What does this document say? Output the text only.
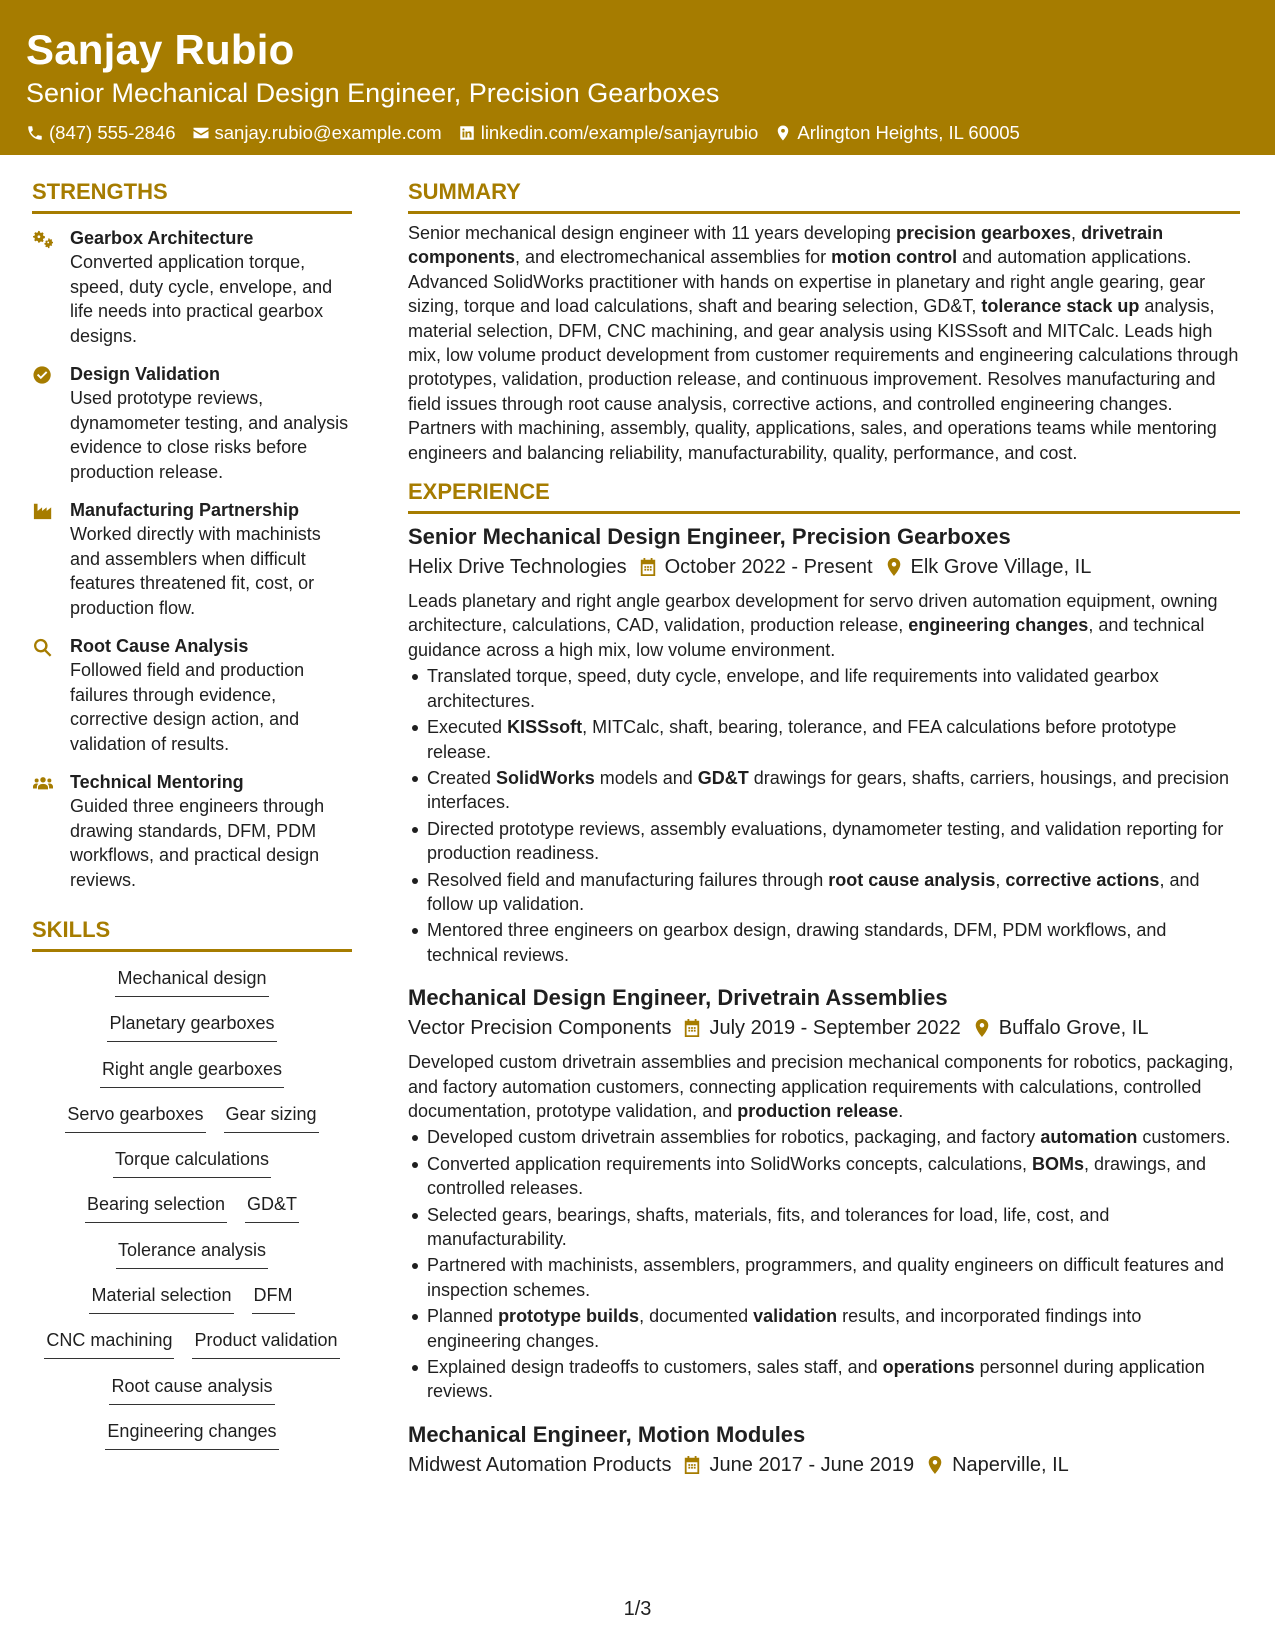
Sanjay Rubio
Senior Mechanical Design Engineer, Precision Gearboxes
(847) 555-2846 sanjay.rubio@example.com linkedin.com/example/sanjayrubio Arlington Heights, IL 60005
STRENGTHS
Gearbox Architecture
Converted application torque, speed, duty cycle, envelope, and life needs into practical gearbox designs.
Design Validation
Used prototype reviews, dynamometer testing, and analysis evidence to close risks before production release.
Manufacturing Partnership
Worked directly with machinists and assemblers when difficult features threatened fit, cost, or production flow.
Root Cause Analysis
Followed field and production failures through evidence, corrective design action, and validation of results.
Technical Mentoring
Guided three engineers through drawing standards, DFM, PDM workflows, and practical design reviews.
SKILLS
Mechanical design
Planetary gearboxes
Right angle gearboxes
Servo gearboxes Gear sizing
Torque calculations
Bearing selection GD&T
Tolerance analysis
Material selection DFM
CNC machining Product validation
Root cause analysis
Engineering changes
SUMMARY
Senior mechanical design engineer with 11 years developing precision gearboxes, drivetrain components, and electromechanical assemblies for motion control and automation applications. Advanced SolidWorks practitioner with hands on expertise in planetary and right angle gearing, gear sizing, torque and load calculations, shaft and bearing selection, GD&T, tolerance stack up analysis, material selection, DFM, CNC machining, and gear analysis using KISSsoft and MITCalc. Leads high mix, low volume product development from customer requirements and engineering calculations through prototypes, validation, production release, and continuous improvement. Resolves manufacturing and field issues through root cause analysis, corrective actions, and controlled engineering changes. Partners with machining, assembly, quality, applications, sales, and operations teams while mentoring engineers and balancing reliability, manufacturability, quality, performance, and cost.
EXPERIENCE
Senior Mechanical Design Engineer, Precision Gearboxes
Helix Drive Technologies October 2022 - Present Elk Grove Village, IL
Leads planetary and right angle gearbox development for servo driven automation equipment, owning architecture, calculations, CAD, validation, production release, engineering changes, and technical guidance across a high mix, low volume environment.
Translated torque, speed, duty cycle, envelope, and life requirements into validated gearbox architectures.
Executed KISSsoft, MITCalc, shaft, bearing, tolerance, and FEA calculations before prototype release.
Created SolidWorks models and GD&T drawings for gears, shafts, carriers, housings, and precision interfaces.
Directed prototype reviews, assembly evaluations, dynamometer testing, and validation reporting for production readiness.
Resolved field and manufacturing failures through root cause analysis, corrective actions, and follow up validation.
Mentored three engineers on gearbox design, drawing standards, DFM, PDM workflows, and technical reviews.
Mechanical Design Engineer, Drivetrain Assemblies
Vector Precision Components July 2019 - September 2022 Buffalo Grove, IL
Developed custom drivetrain assemblies and precision mechanical components for robotics, packaging, and factory automation customers, connecting application requirements with calculations, controlled documentation, prototype validation, and production release.
Developed custom drivetrain assemblies for robotics, packaging, and factory automation customers.
Converted application requirements into SolidWorks concepts, calculations, BOMs, drawings, and controlled releases.
Selected gears, bearings, shafts, materials, fits, and tolerances for load, life, cost, and manufacturability.
Partnered with machinists, assemblers, programmers, and quality engineers on difficult features and inspection schemes.
Planned prototype builds, documented validation results, and incorporated findings into engineering changes.
Explained design tradeoffs to customers, sales staff, and operations personnel during application reviews.
Mechanical Engineer, Motion Modules
Midwest Automation Products June 2017 - June 2019 Naperville, IL
1/3
